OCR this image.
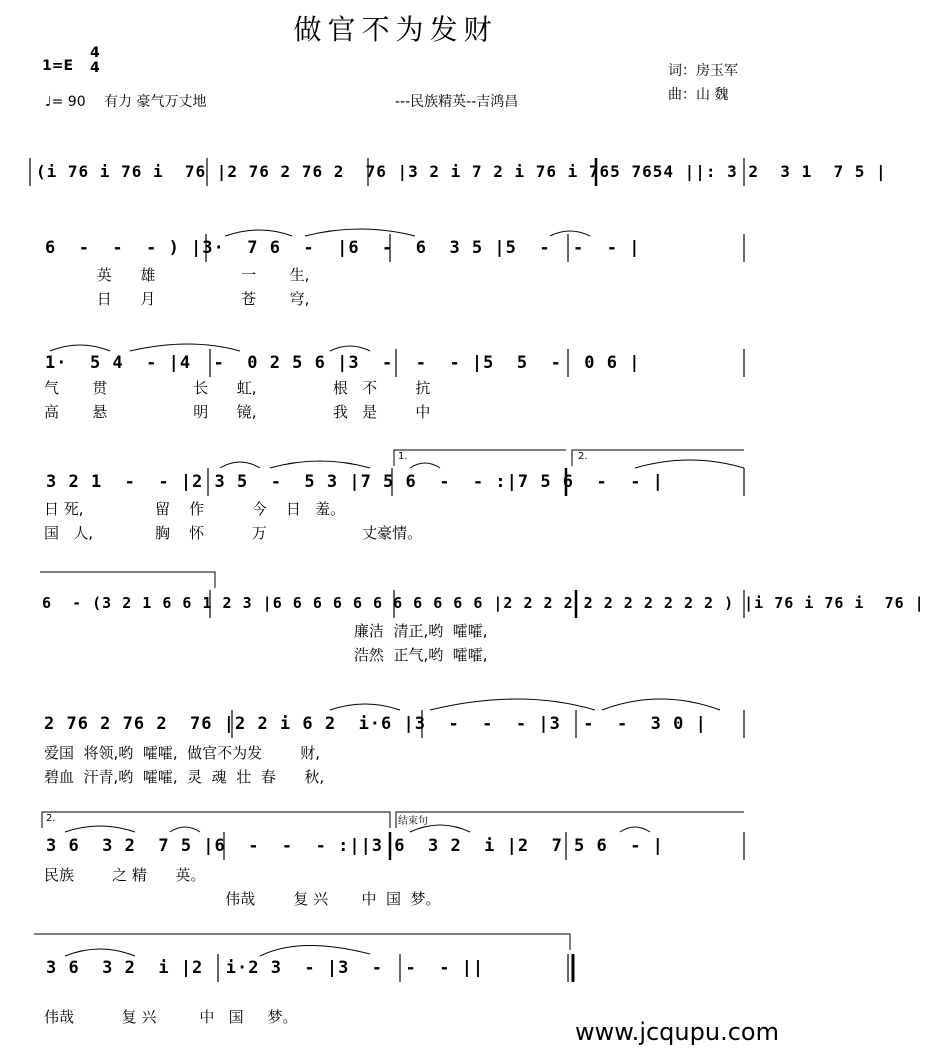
做官不为发财
1=E
4
4
♩= 90 有力 豪气万丈地	---民族精英--吉鸿昌
词：房玉军
曲：山 魏
(i 76 i 76 i  76 |2 76 2 76 2  76 |3 2 i 7 2 i 76 i 765 7654 ||: 3 2  3 1  7 5 |
6  -  -  - ) |3·  7 6  -  |6  -  6  3 5 |5  -  -  - |
英      雄                  一       生,
日      月                  苍       穹,
1·  5 4  - |4  -  0 2 5 6 |3  -  -  - |5  5  -  0 6 |
气       贯                  长      虹,                根   不        抗
高       悬                  明      镜,                我   是        中
1.	2.
3 2 1  -  - |2 3 5  -  5 3 |7 5 6  -  - :|7 5 6  -  - |
日 死,               留    作          今    日   羞。
国   人,             胸    怀          万                    丈豪情。
6  - (3 2 1 6 6 1 2 3 |6 6 6 6 6 6 6 6 6 6 6 |2 2 2 2 2 2 2 2 2 2 2 ) |i 76 i 76 i  76 |
廉洁  清正,哟  嚯嚯,
浩然  正气,哟  嚯嚯,
2 76 2 76 2  76 |2 2 i 6 2  i·6 |3  -  -  - |3  -  -  3 0 |
爱国  将领,哟  嚯嚯,  做官不为发        财,
碧血  汗青,哟  嚯嚯,  灵  魂  壮  春      秋,
2.	结束句
3 6  3 2  7 5 |6  -  -  - :||3 6  3 2  i |2  7 5 6  - |
民族        之 精      英。
伟哉        复 兴       中  国  梦。
3 6  3 2  i |2  i·2 3  - |3  -  -  - ||
伟哉          复 兴         中   国     梦。
www.jcqupu.com
